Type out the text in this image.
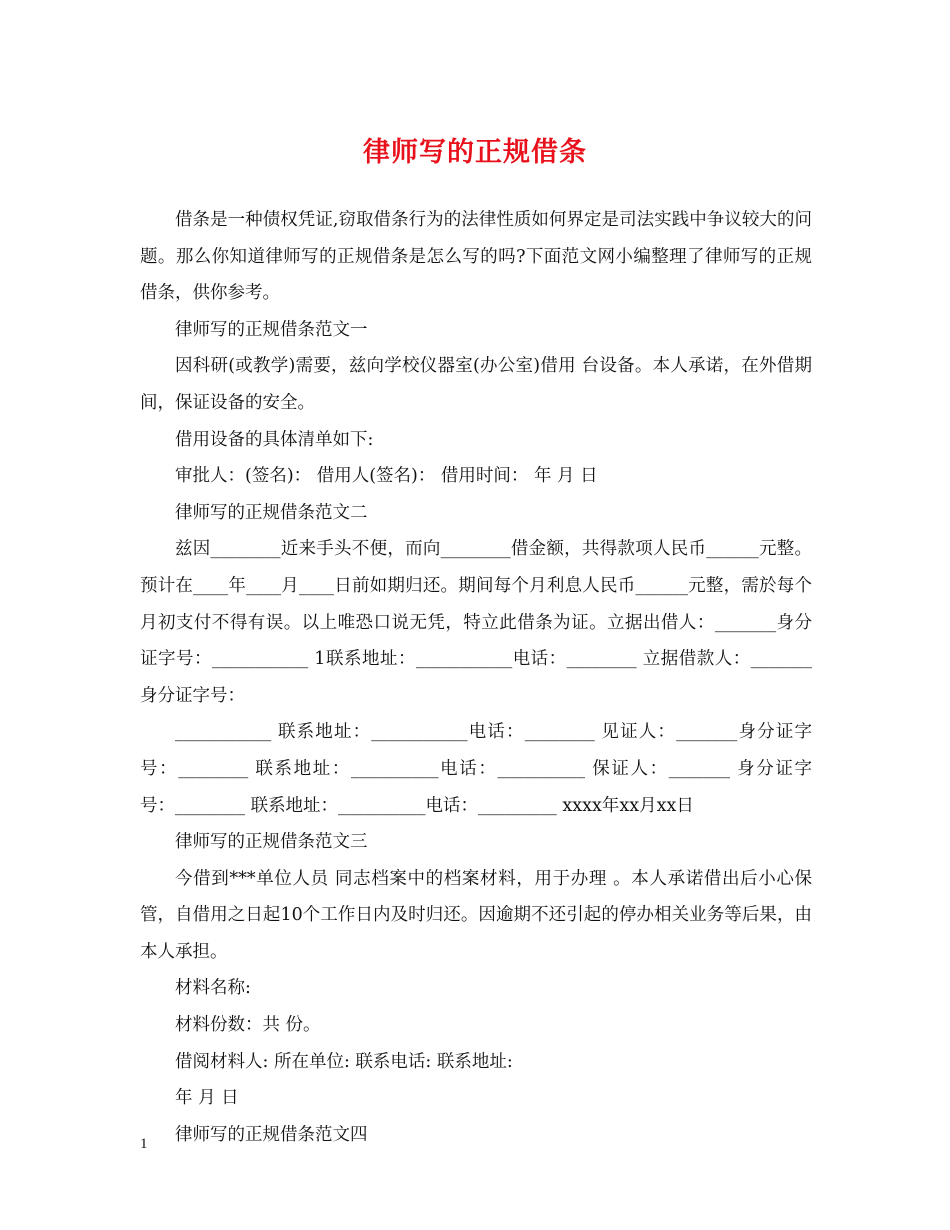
律师写的正规借条

借条是一种债权凭证,窃取借条行为的法律性质如何界定是司法实践中争议较大的问题。那么你知道律师写的正规借条是怎么写的吗?下面范文网小编整理了律师写的正规借条，供你参考。

律师写的正规借条范文一

因科研(或教学)需要，兹向学校仪器室(办公室)借用 台设备。本人承诺，在外借期间，保证设备的安全。

借用设备的具体清单如下:

审批人：(签名)： 借用人(签名)： 借用时间： 年 月 日

律师写的正规借条范文二

兹因________近来手头不便，而向________借金额，共得款项人民币______元整。预计在____年____月____日前如期归还。期间每个月利息人民币______元整，需於每个月初支付不得有误。以上唯恐口说无凭，特立此借条为证。立据出借人：_______身分证字号：___________ 1联系地址：___________电话：________ 立据借款人：_______身分证字号：

___________ 联系地址：___________电话：________ 见证人：_______身分证字号：________ 联系地址：__________电话：__________ 保证人：_______ 身分证字号：________ 联系地址：__________电话：_________ xxxx年xx月xx日

律师写的正规借条范文三

今借到***单位人员 同志档案中的档案材料，用于办理 。本人承诺借出后小心保管，自借用之日起10个工作日内及时归还。因逾期不还引起的停办相关业务等后果，由本人承担。

材料名称:

材料份数：共 份。

借阅材料人: 所在单位: 联系电话: 联系地址:

年 月 日

律师写的正规借条范文四

1
